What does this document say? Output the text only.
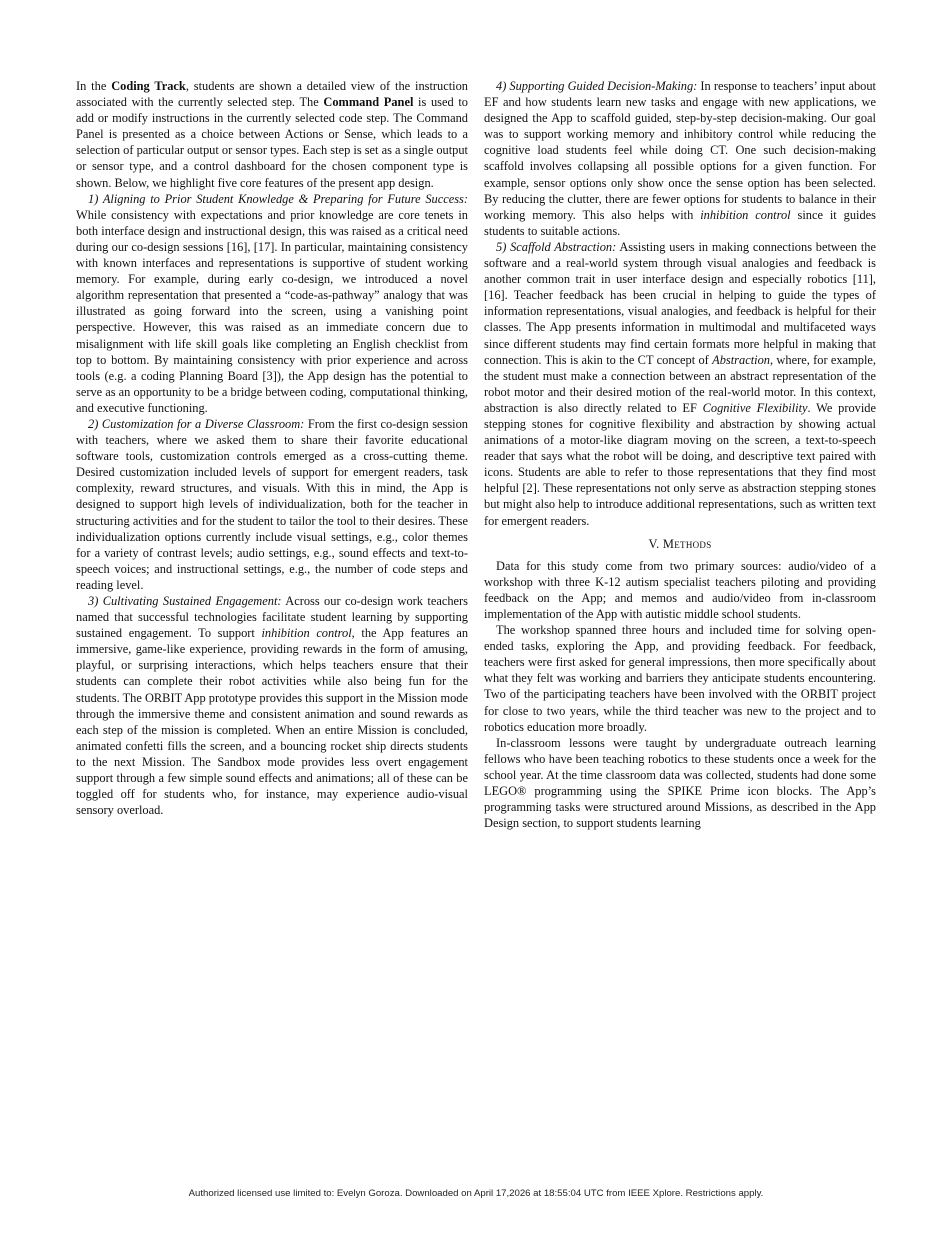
In the Coding Track, students are shown a detailed view of the instruction associated with the currently selected step. The Command Panel is used to add or modify instructions in the currently selected code step. The Command Panel is presented as a choice between Actions or Sense, which leads to a selection of particular output or sensor types. Each step is set as a single output or sensor type, and a control dashboard for the chosen component type is shown. Below, we highlight five core features of the present app design.

1) Aligning to Prior Student Knowledge & Preparing for Future Success: While consistency with expectations and prior knowledge are core tenets in both interface design and instructional design, this was raised as a critical need during our co-design sessions [16], [17]. In particular, maintaining consistency with known interfaces and representations is supportive of student working memory. For example, during early co-design, we introduced a novel algorithm representation that presented a “code-as-pathway” analogy that was illustrated as going forward into the screen, using a vanishing point perspective. However, this was raised as an immediate concern due to misalignment with life skill goals like completing an English checklist from top to bottom. By maintaining consistency with prior experience and across tools (e.g. a coding Planning Board [3]), the App design has the potential to serve as an opportunity to be a bridge between coding, computational thinking, and executive functioning.

2) Customization for a Diverse Classroom: From the first co-design session with teachers, where we asked them to share their favorite educational software tools, customization controls emerged as a cross-cutting theme. Desired customization included levels of support for emergent readers, task complexity, reward structures, and visuals. With this in mind, the App is designed to support high levels of individualization, both for the teacher in structuring activities and for the student to tailor the tool to their desires. These individualization options currently include visual settings, e.g., color themes for a variety of contrast levels; audio settings, e.g., sound effects and text-to-speech voices; and instructional settings, e.g., the number of code steps and reading level.

3) Cultivating Sustained Engagement: Across our co-design work teachers named that successful technologies facilitate student learning by supporting sustained engagement. To support inhibition control, the App features an immersive, game-like experience, providing rewards in the form of amusing, playful, or surprising interactions, which helps teachers ensure that their students can complete their robot activities while also being fun for the students. The ORBIT App prototype provides this support in the Mission mode through the immersive theme and consistent animation and sound rewards as each step of the mission is completed. When an entire Mission is concluded, animated confetti fills the screen, and a bouncing rocket ship directs students to the next Mission. The Sandbox mode provides less overt engagement support through a few simple sound effects and animations; all of these can be toggled off for students who, for instance, may experience audio-visual sensory overload.

4) Supporting Guided Decision-Making: In response to teachers’ input about EF and how students learn new tasks and engage with new applications, we designed the App to scaffold guided, step-by-step decision-making. Our goal was to support working memory and inhibitory control while reducing the cognitive load students feel while doing CT. One such decision-making scaffold involves collapsing all possible options for a given function. For example, sensor options only show once the sense option has been selected. By reducing the clutter, there are fewer options for students to balance in their working memory. This also helps with inhibition control since it guides students to suitable actions.

5) Scaffold Abstraction: Assisting users in making connections between the software and a real-world system through visual analogies and feedback is another common trait in user interface design and especially robotics [11], [16]. Teacher feedback has been crucial in helping to guide the types of information representations, visual analogies, and feedback is helpful for their classes. The App presents information in multimodal and multifaceted ways since different students may find certain formats more helpful in making that connection. This is akin to the CT concept of Abstraction, where, for example, the student must make a connection between an abstract representation of the robot motor and their desired motion of the real-world motor. In this context, abstraction is also directly related to EF Cognitive Flexibility. We provide stepping stones for cognitive flexibility and abstraction by showing actual animations of a motor-like diagram moving on the screen, a text-to-speech reader that says what the robot will be doing, and descriptive text paired with icons. Students are able to refer to those representations that they find most helpful [2]. These representations not only serve as abstraction stepping stones but might also help to introduce additional representations, such as written text for emergent readers.

V. Methods

Data for this study come from two primary sources: audio/video of a workshop with three K-12 autism specialist teachers piloting and providing feedback on the App; and memos and audio/video from in-classroom implementation of the App with autistic middle school students.

The workshop spanned three hours and included time for solving open-ended tasks, exploring the App, and providing feedback. For feedback, teachers were first asked for general impressions, then more specifically about what they felt was working and barriers they anticipate students encountering. Two of the participating teachers have been involved with the ORBIT project for close to two years, while the third teacher was new to the project and to robotics education more broadly.

In-classroom lessons were taught by undergraduate outreach learning fellows who have been teaching robotics to these students once a week for the school year. At the time classroom data was collected, students had done some LEGO® programming using the SPIKE Prime icon blocks. The App’s programming tasks were structured around Missions, as described in the App Design section, to support students learning

Authorized licensed use limited to: Evelyn Goroza. Downloaded on April 17,2026 at 18:55:04 UTC from IEEE Xplore. Restrictions apply.
